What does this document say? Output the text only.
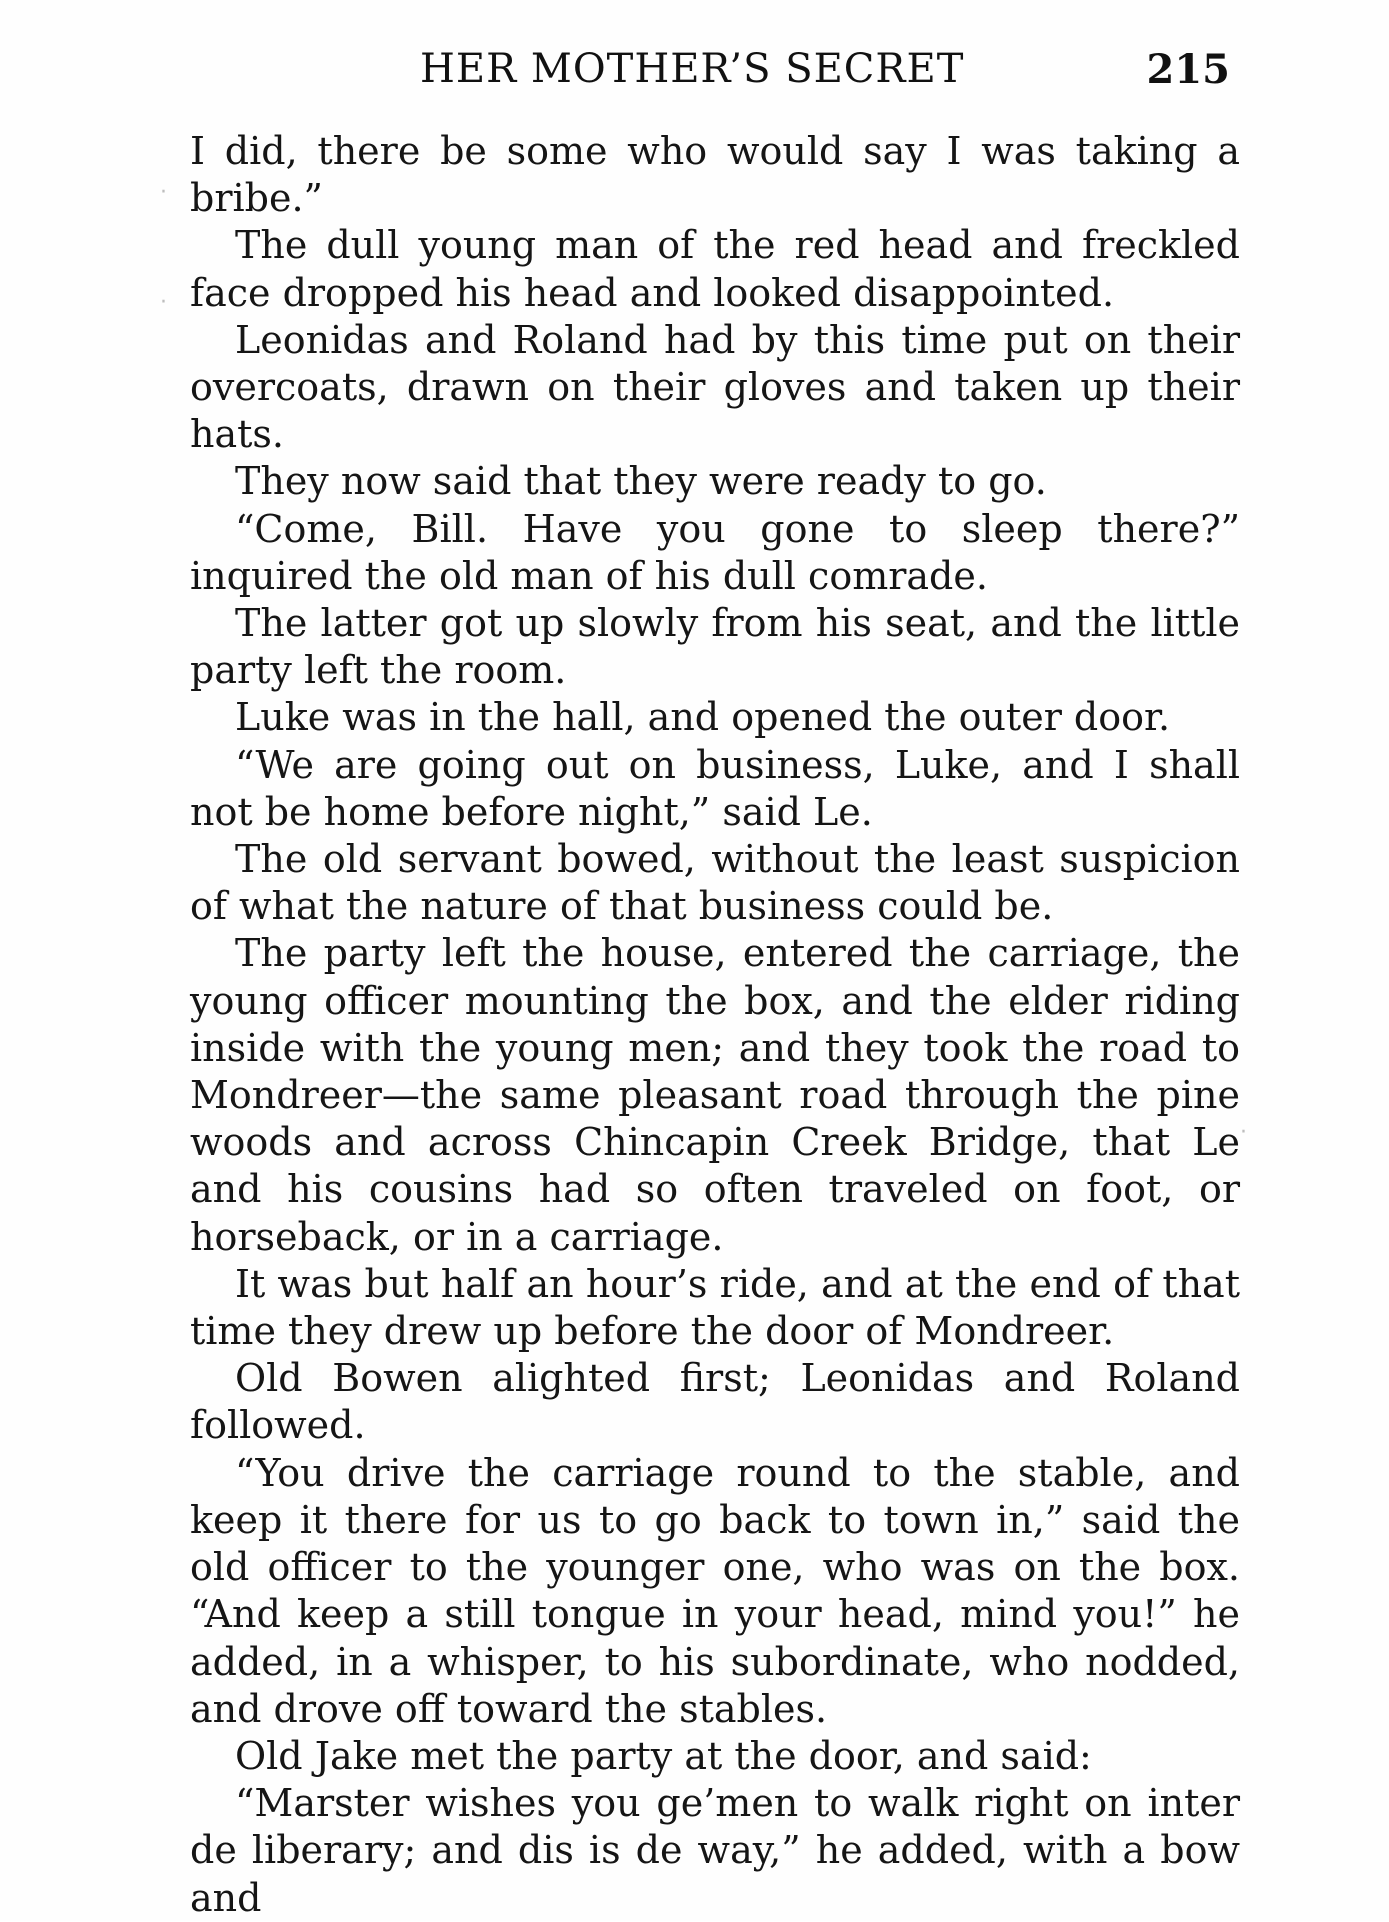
HER MOTHER’S SECRET	215
·
·
·

I did, there be some who would say I was taking a bribe.”

The dull young man of the red head and freckled face dropped his head and looked disappointed.

Leonidas and Roland had by this time put on their overcoats, drawn on their gloves and taken up their hats.

They now said that they were ready to go.

“Come, Bill. Have you gone to sleep there?” inquired the old man of his dull comrade.

The latter got up slowly from his seat, and the little party left the room.

Luke was in the hall, and opened the outer door.

“We are going out on business, Luke, and I shall not be home before night,” said Le.

The old servant bowed, without the least suspicion of what the nature of that business could be.

The party left the house, entered the carriage, the young officer mounting the box, and the elder riding inside with the young men; and they took the road to Mondreer—the same pleasant road through the pine woods and across Chincapin Creek Bridge, that Le and his cousins had so often traveled on foot, or horseback, or in a carriage.

It was but half an hour’s ride, and at the end of that time they drew up before the door of Mondreer.

Old Bowen alighted first; Leonidas and Roland followed.

“You drive the carriage round to the stable, and keep it there for us to go back to town in,” said the old officer to the younger one, who was on the box. “And keep a still tongue in your head, mind you!” he added, in a whisper, to his subordinate, who nodded, and drove off toward the stables.

Old Jake met the party at the door, and said:

“Marster wishes you ge’men to walk right on inter de liberary; and dis is de way,” he added, with a bow and
